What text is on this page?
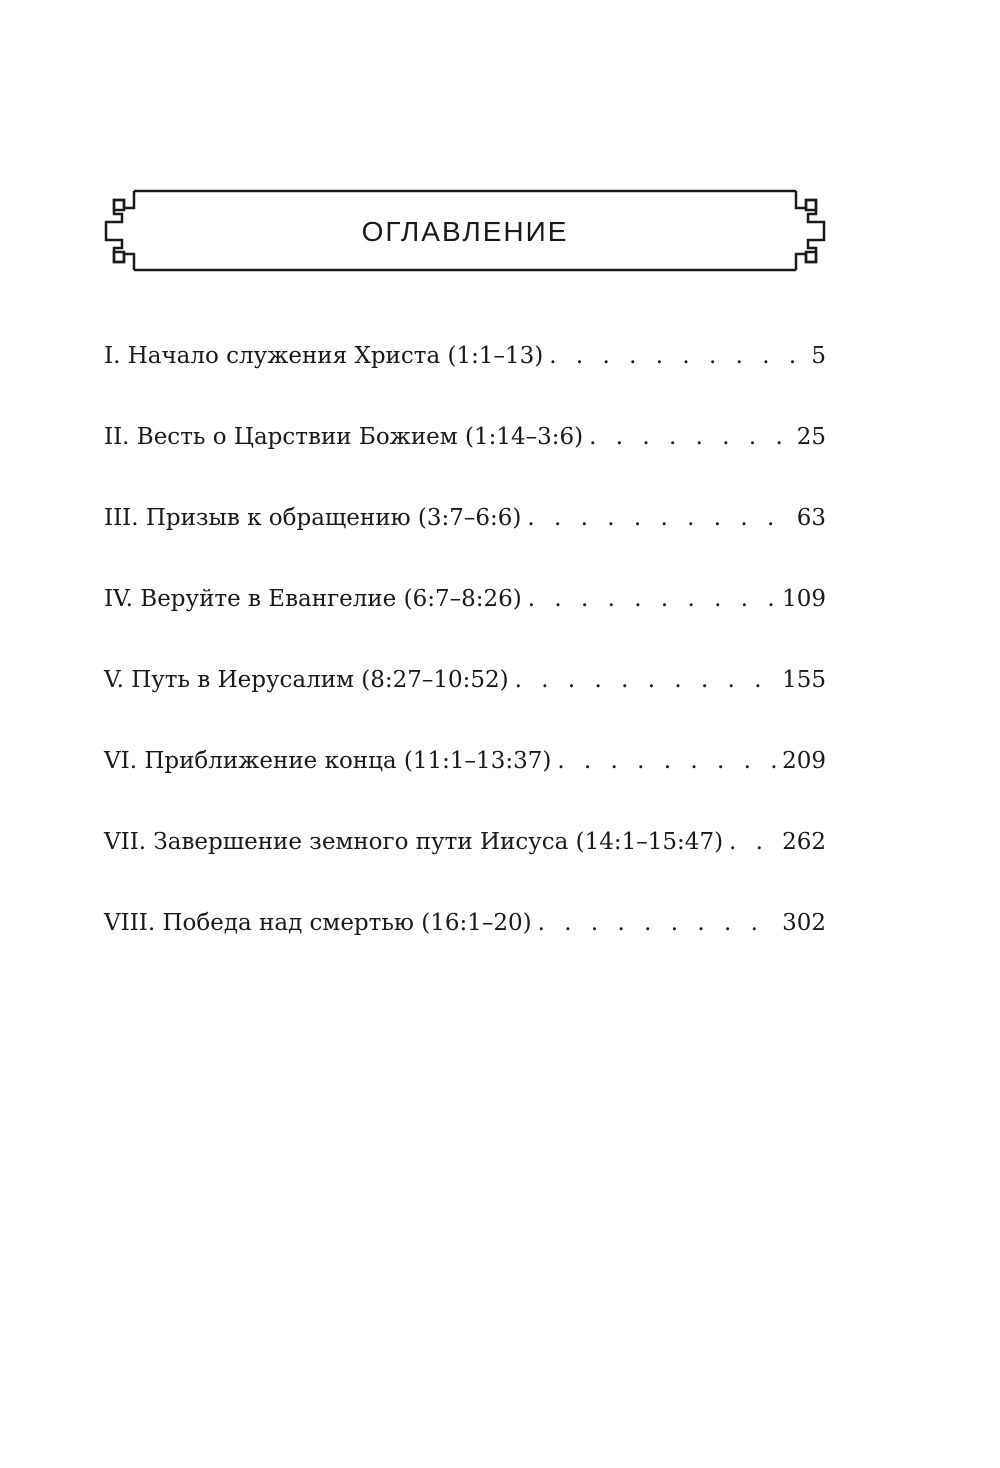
ОГЛАВЛЕНИЕ
I. Начало служения Христа (1:1–13) . . .	5
II. Весть о Царствии Божием (1:14–3:6) . . .	25
III. Призыв к обращению (3:7–6:6) . . .	63
IV. Веруйте в Евангелие (6:7–8:26) . . .	109
V. Путь в Иерусалим (8:27–10:52) . . .	155
VI. Приближение конца (11:1–13:37) . . .	209
VII. Завершение земного пути Иисуса (14:1–15:47) . . .	262
VIII. Победа над смертью (16:1–20) . . .	302
